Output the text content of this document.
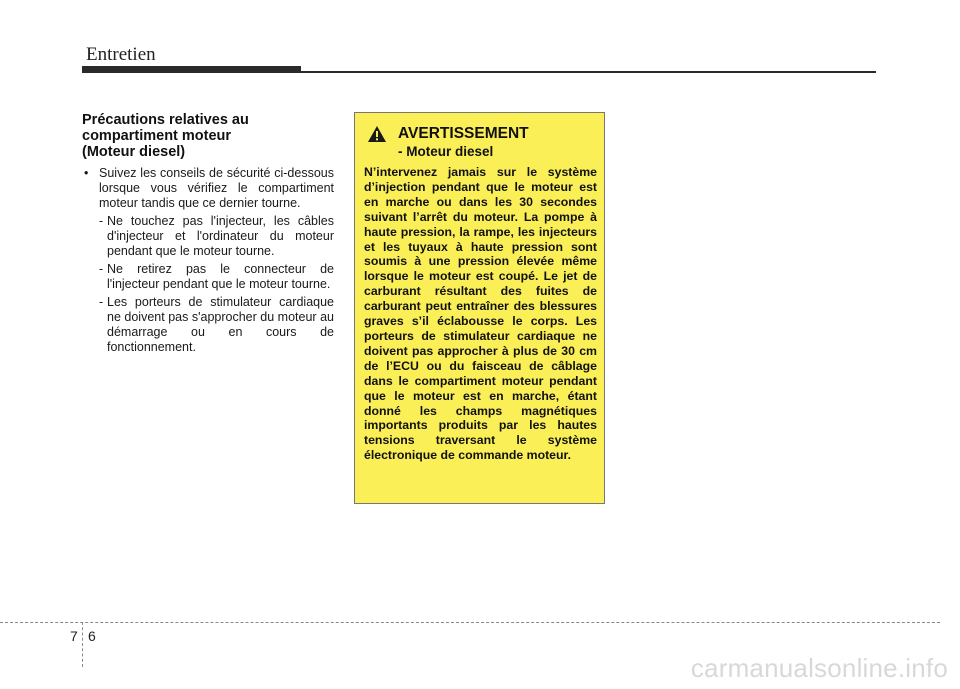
Entretien
Précautions relatives au
compartiment moteur
(Moteur diesel)
• Suivez les conseils de sécurité ci-dessous lorsque vous vérifiez le compartiment moteur tandis que ce dernier tourne.
- Ne touchez pas l'injecteur, les câbles d'injecteur et l'ordinateur du moteur pendant que le moteur tourne.
- Ne retirez pas le connecteur de l'injecteur pendant que le moteur tourne.
- Les porteurs de stimulateur cardiaque ne doivent pas s'approcher du moteur au démarrage ou en cours de fonctionnement.
AVERTISSEMENT
- Moteur diesel

N’intervenez jamais sur le système d’injection pendant que le moteur est en marche ou dans les 30 secondes suivant l’arrêt du moteur. La pompe à haute pression, la rampe, les injecteurs et les tuyaux à haute pression sont soumis à une pression élevée même lorsque le moteur est coupé. Le jet de carburant résultant des fuites de carburant peut entraîner des blessures graves s’il éclabousse le corps. Les porteurs de stimulateur cardiaque ne doivent pas approcher à plus de 30 cm de l’ECU ou du faisceau de câblage dans le compartiment moteur pendant que le moteur est en marche, étant donné les champs magnétiques importants produits par les hautes tensions traversant le système électronique de commande moteur.

7 6
carmanualsonline.info
